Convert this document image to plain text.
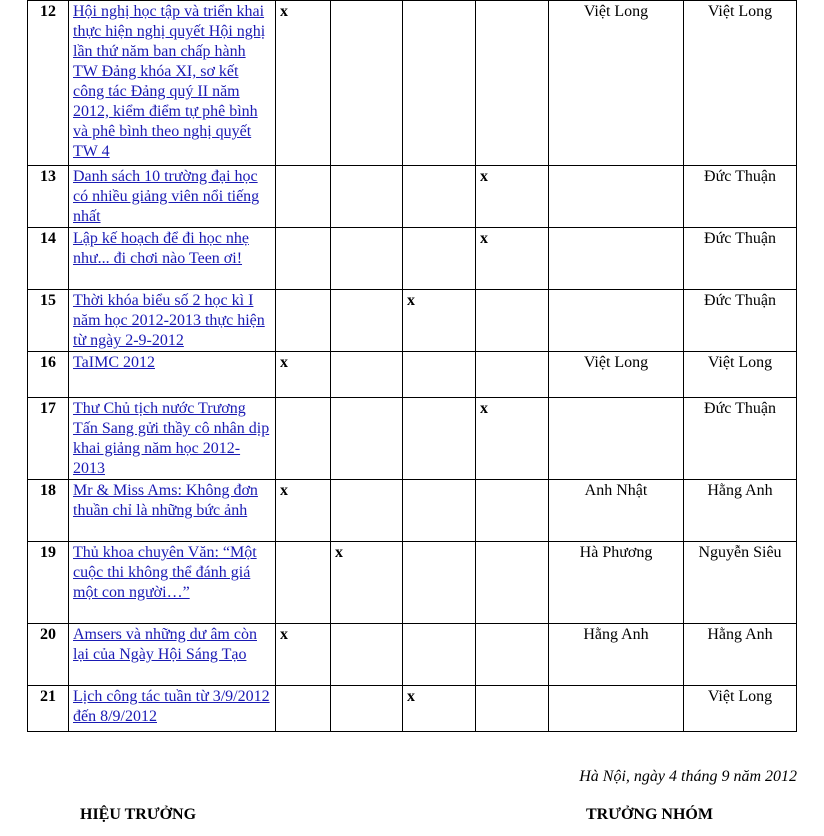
12	Hội nghị học tập và triển khai thực hiện nghị quyết Hội nghị lần thứ năm ban chấp hành TW Đảng khóa XI, sơ kết công tác Đảng quý II năm 2012, kiểm điểm tự phê bình và phê bình theo nghị quyết TW 4	x				Việt Long	Việt Long
13	Danh sách 10 trường đại học có nhiều giảng viên nổi tiếng nhất				x		Đức Thuận
14	Lập kế hoạch để đi học nhẹ như... đi chơi nào Teen ơi!				x		Đức Thuận
15	Thời khóa biểu số 2 học kì I năm học 2012-2013 thực hiện từ ngày 2-9-2012			x			Đức Thuận
16	TaIMC 2012	x				Việt Long	Việt Long
17	Thư Chủ tịch nước Trương Tấn Sang gửi thầy cô nhân dịp khai giảng năm học 2012-2013				x		Đức Thuận
18	Mr & Miss Ams: Không đơn thuần chỉ là những bức ảnh	x				Anh Nhật	Hằng Anh
19	Thủ khoa chuyên Văn: “Một cuộc thi không thể đánh giá một con người…”		x			Hà Phương	Nguyễn Siêu
20	Amsers và những dư âm còn lại của Ngày Hội Sáng Tạo	x				Hằng Anh	Hằng Anh
21	Lịch công tác tuần từ 3/9/2012 đến 8/9/2012			x			Việt Long
Hà Nội, ngày 4 tháng 9 năm 2012
HIỆU TRƯỞNG	TRƯỞNG NHÓM
